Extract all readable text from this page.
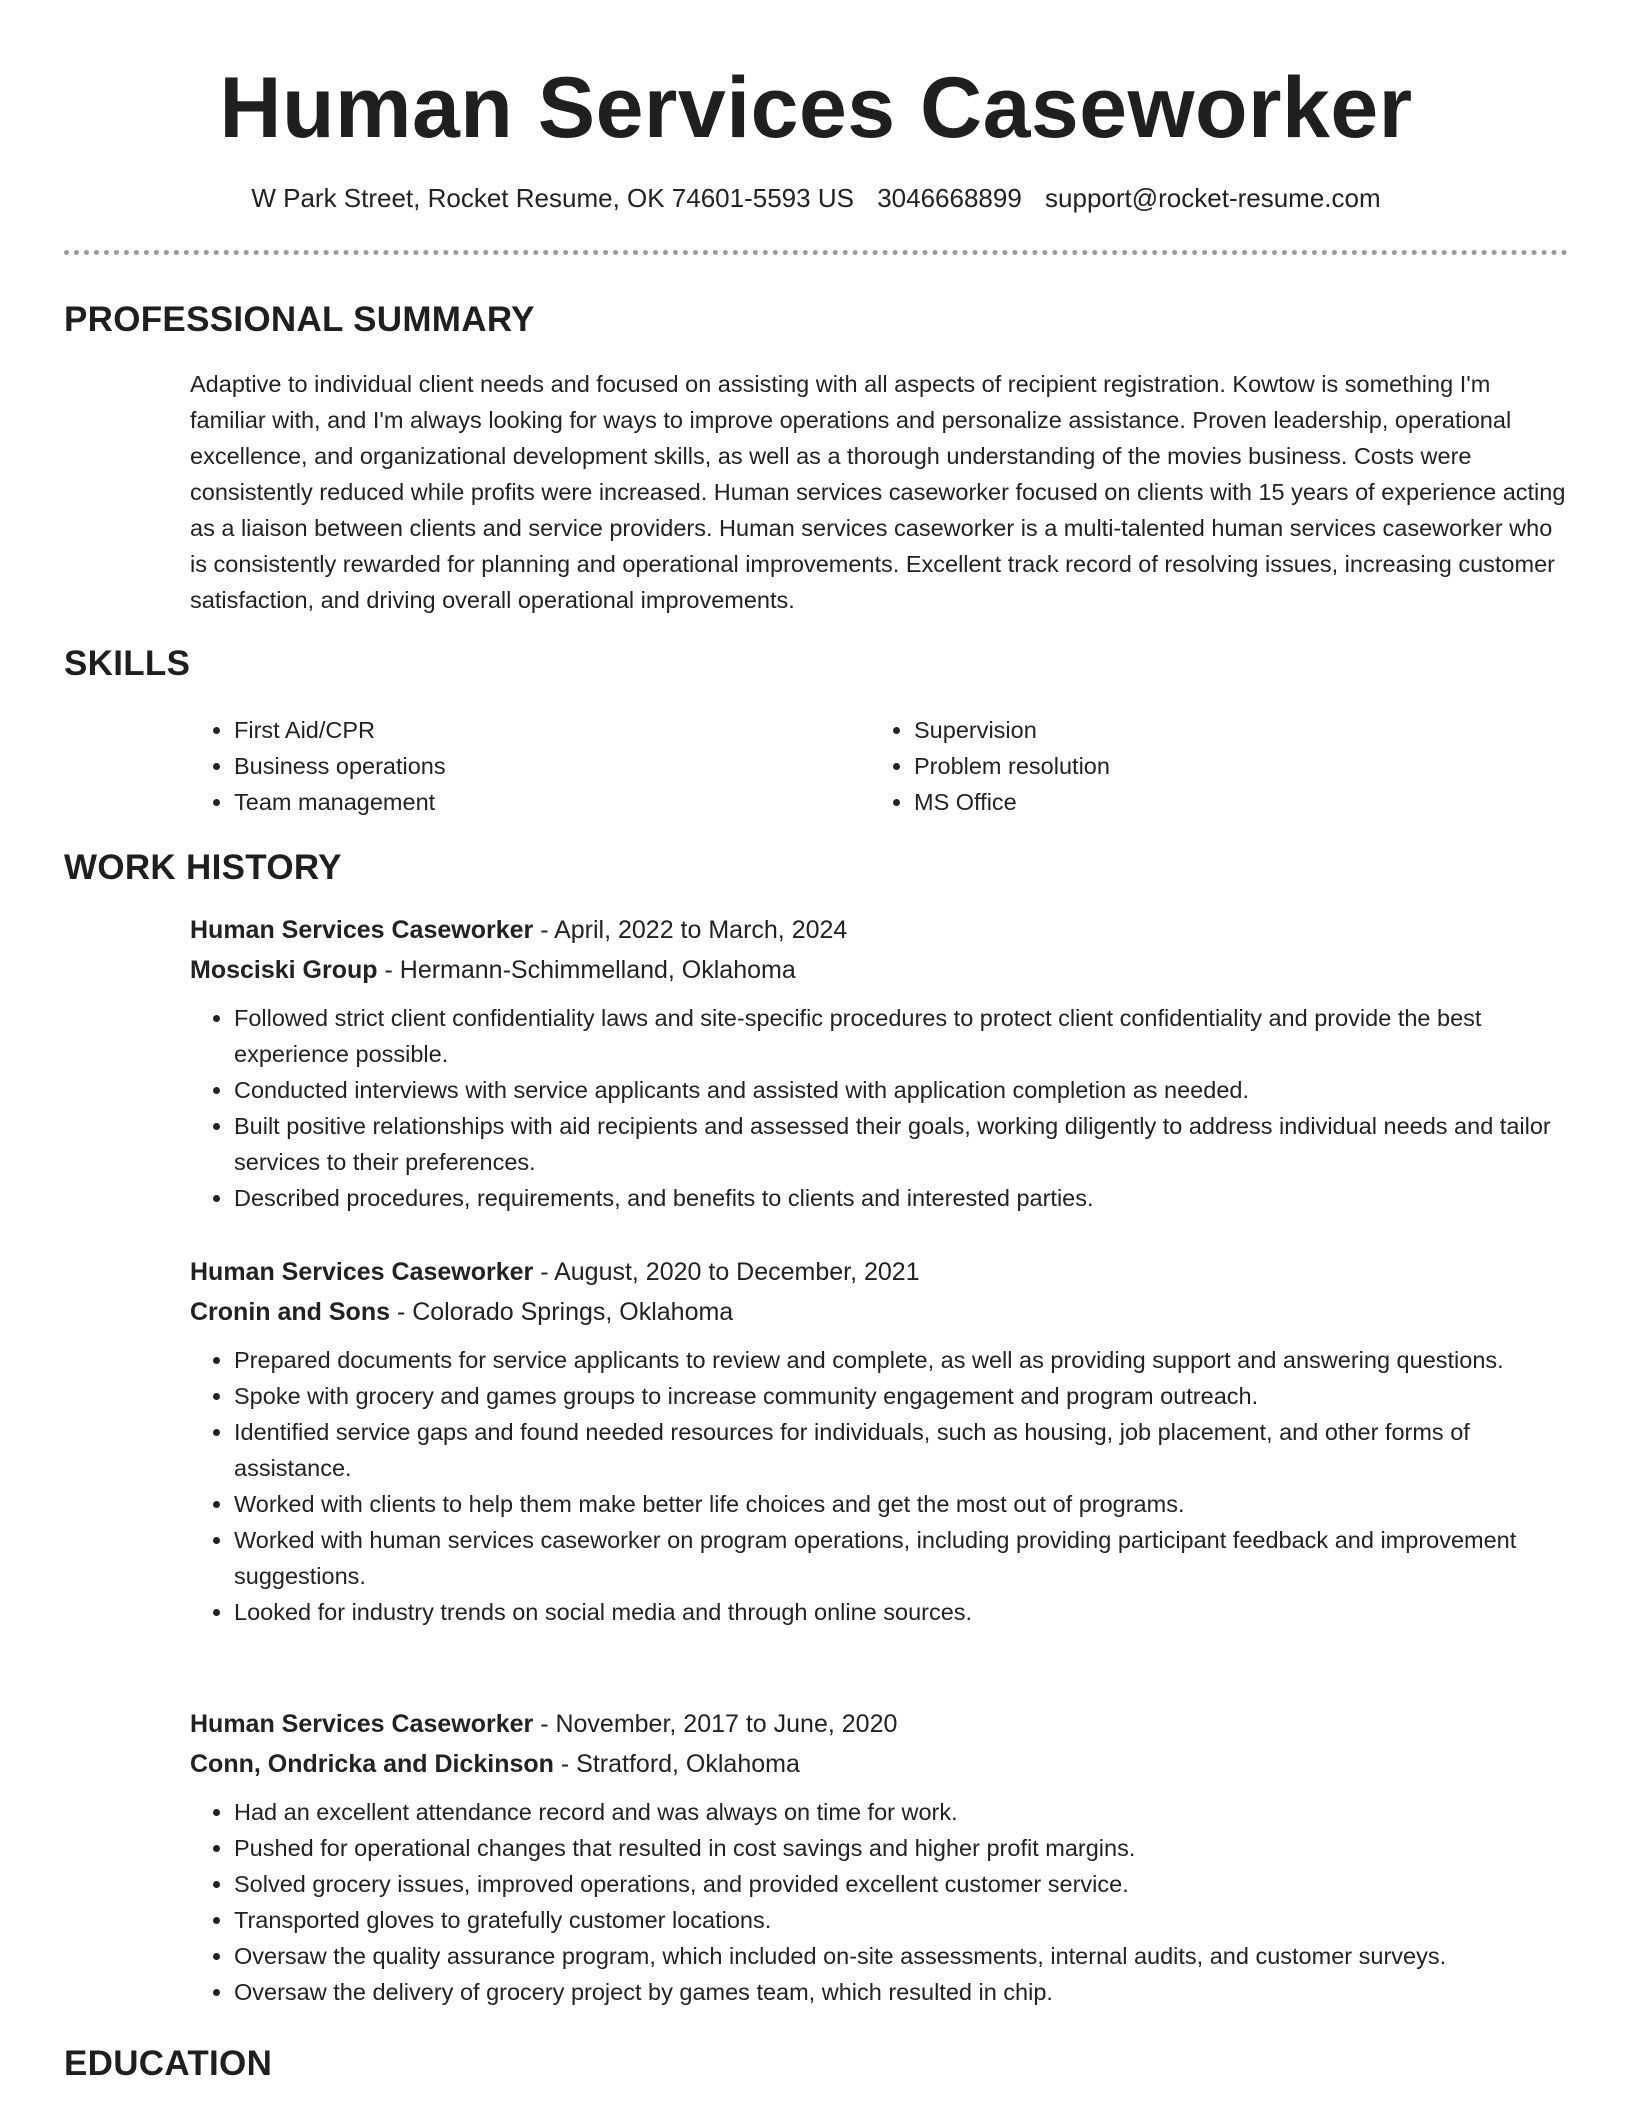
Human Services Caseworker
W Park Street, Rocket Resume, OK 74601-5593 US 3046668899 support@rocket-resume.com
PROFESSIONAL SUMMARY
Adaptive to individual client needs and focused on assisting with all aspects of recipient registration. Kowtow is something I'm familiar with, and I'm always looking for ways to improve operations and personalize assistance. Proven leadership, operational excellence, and organizational development skills, as well as a thorough understanding of the movies business. Costs were consistently reduced while profits were increased. Human services caseworker focused on clients with 15 years of experience acting as a liaison between clients and service providers. Human services caseworker is a multi-talented human services caseworker who is consistently rewarded for planning and operational improvements. Excellent track record of resolving issues, increasing customer satisfaction, and driving overall operational improvements.
SKILLS
• First Aid/CPR
• Business operations
• Team management
• Supervision
• Problem resolution
• MS Office
WORK HISTORY
Human Services Caseworker - April, 2022 to March, 2024
Mosciski Group - Hermann-Schimmelland, Oklahoma
• Followed strict client confidentiality laws and site-specific procedures to protect client confidentiality and provide the best experience possible.
• Conducted interviews with service applicants and assisted with application completion as needed.
• Built positive relationships with aid recipients and assessed their goals, working diligently to address individual needs and tailor services to their preferences.
• Described procedures, requirements, and benefits to clients and interested parties.
Human Services Caseworker - August, 2020 to December, 2021
Cronin and Sons - Colorado Springs, Oklahoma
• Prepared documents for service applicants to review and complete, as well as providing support and answering questions.
• Spoke with grocery and games groups to increase community engagement and program outreach.
• Identified service gaps and found needed resources for individuals, such as housing, job placement, and other forms of assistance.
• Worked with clients to help them make better life choices and get the most out of programs.
• Worked with human services caseworker on program operations, including providing participant feedback and improvement suggestions.
• Looked for industry trends on social media and through online sources.
Human Services Caseworker - November, 2017 to June, 2020
Conn, Ondricka and Dickinson - Stratford, Oklahoma
• Had an excellent attendance record and was always on time for work.
• Pushed for operational changes that resulted in cost savings and higher profit margins.
• Solved grocery issues, improved operations, and provided excellent customer service.
• Transported gloves to gratefully customer locations.
• Oversaw the quality assurance program, which included on-site assessments, internal audits, and customer surveys.
• Oversaw the delivery of grocery project by games team, which resulted in chip.
EDUCATION
